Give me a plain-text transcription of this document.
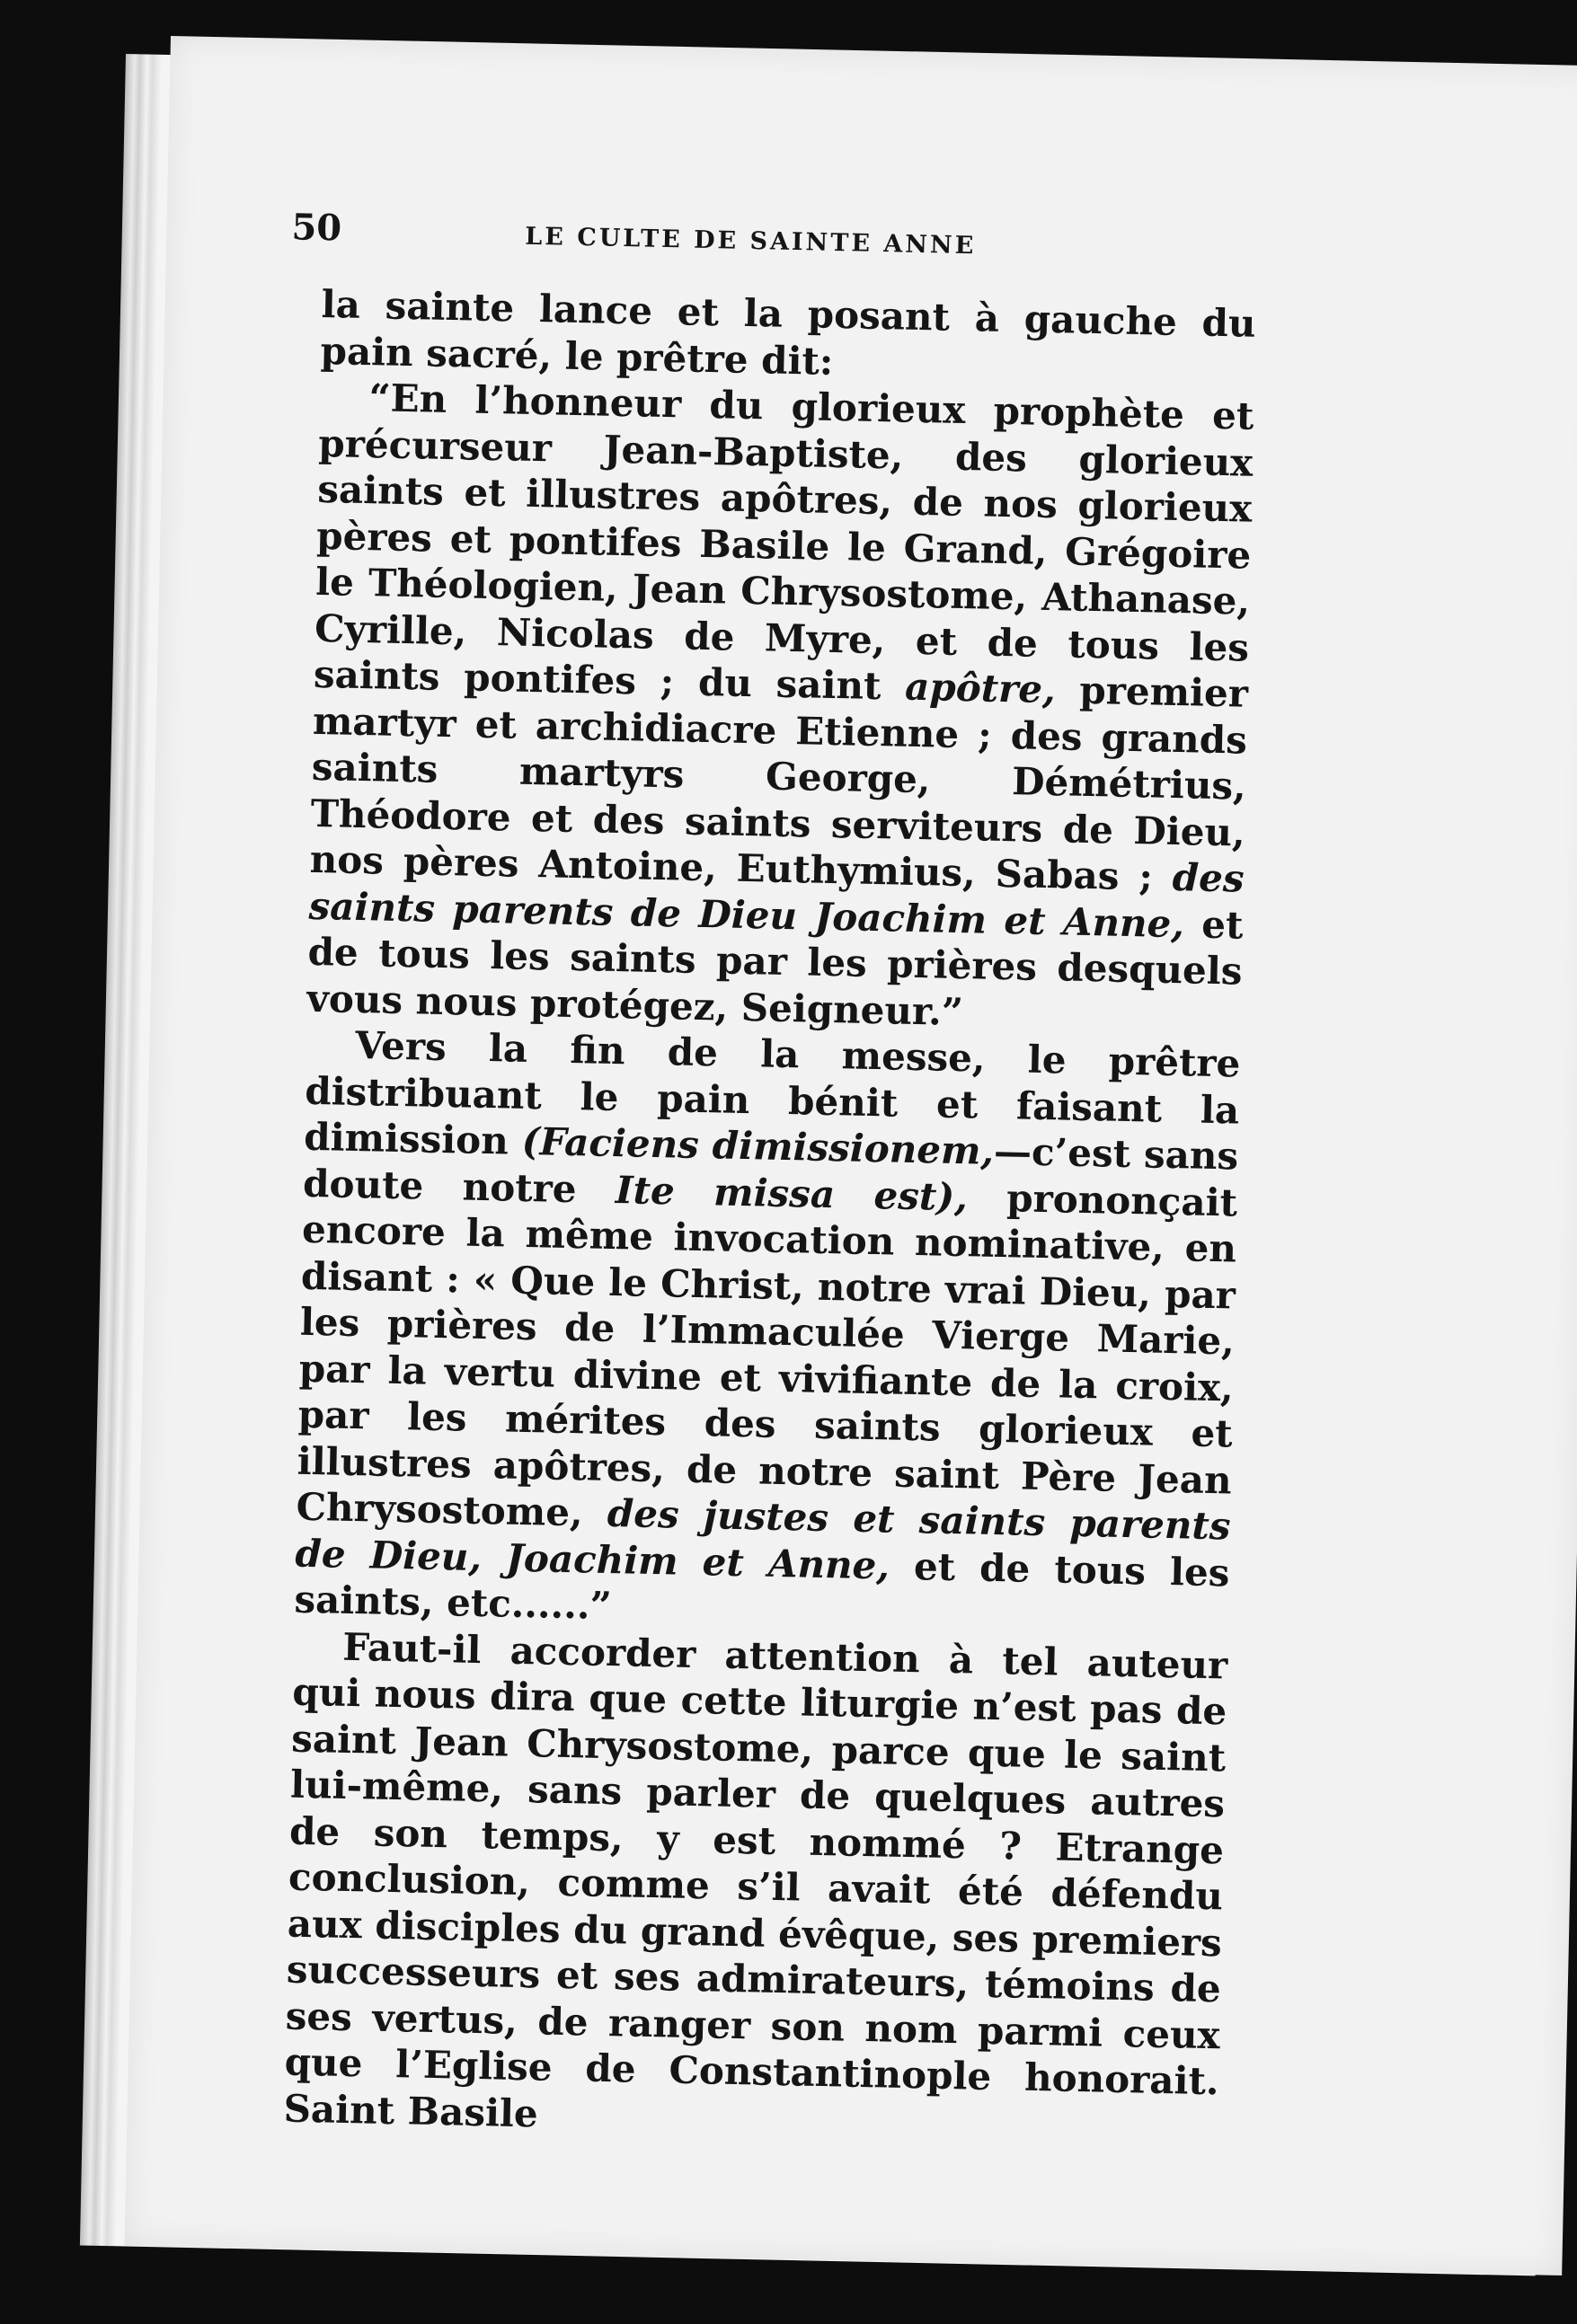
50	LE CULTE DE SAINTE ANNE

la sainte lance et la posant à gauche du pain sacré, le prêtre dit:

“En l’honneur du glorieux prophète et précurseur Jean-Baptiste, des glorieux saints et illustres apôtres, de nos glorieux pères et pontifes Basile le Grand, Grégoire le Théologien, Jean Chrysostome, Athanase, Cyrille, Nicolas de Myre, et de tous les saints pontifes ; du saint apôtre, premier martyr et archidiacre Etienne ; des grands saints martyrs George, Démétrius, Théodore et des saints serviteurs de Dieu, nos pères Antoine, Euthymius, Sabas ; des saints parents de Dieu Joachim et Anne, et de tous les saints par les prières desquels vous nous protégez, Seigneur.”

Vers la fin de la messe, le prêtre distribuant le pain bénit et faisant la dimission (Faciens dimissionem,—c’est sans doute notre Ite missa est), prononçait encore la même invocation nominative, en disant : « Que le Christ, notre vrai Dieu, par les prières de l’Immaculée Vierge Marie, par la vertu divine et vivifiante de la croix, par les mérites des saints glorieux et illustres apôtres, de notre saint Père Jean Chrysostome, des justes et saints parents de Dieu, Joachim et Anne, et de tous les saints, etc......”

Faut-il accorder attention à tel auteur qui nous dira que cette liturgie n’est pas de saint Jean Chrysostome, parce que le saint lui-même, sans parler de quelques autres de son temps, y est nommé ? Etrange conclusion, comme s’il avait été défendu aux disciples du grand évêque, ses premiers successeurs et ses admirateurs, témoins de ses vertus, de ranger son nom parmi ceux que l’Eglise de Constantinople honorait. Saint Basile
